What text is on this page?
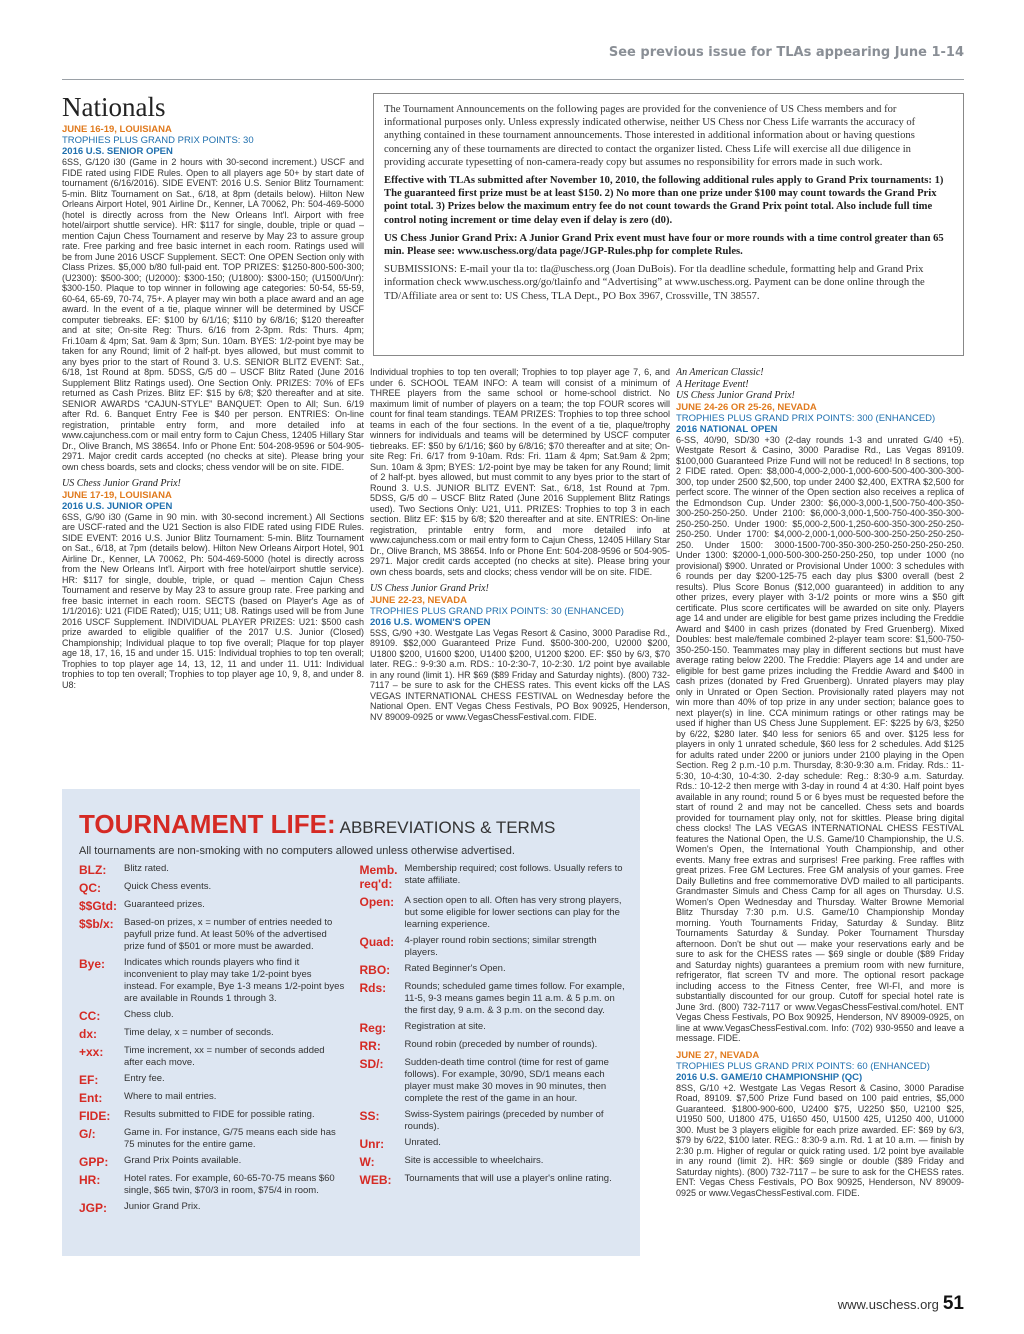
See previous issue for TLAs appearing June 1-14
Nationals
JUNE 16-19, LOUISIANA
TROPHIES PLUS GRAND PRIX POINTS: 30
2016 U.S. SENIOR OPEN

6SS, G/120 i30 (Game in 2 hours with 30-second increment.) USCF and FIDE rated using FIDE Rules. Open to all players age 50+ by start date of tournament (6/16/2016). SIDE EVENT: 2016 U.S. Senior Blitz Tournament: 5-min. Blitz Tournament on Sat., 6/18, at 8pm (details below). Hilton New Orleans Airport Hotel, 901 Airline Dr., Kenner, LA 70062, Ph: 504-469-5000 (hotel is directly across from the New Orleans Int'l. Airport with free hotel/airport shuttle service). HR: $117 for single, double, triple or quad – mention Cajun Chess Tournament and reserve by May 23 to assure group rate. Free parking and free basic internet in each room. Ratings used will be from June 2016 USCF Supplement. SECT: One OPEN Section only with Class Prizes. $5,000 b/80 full-paid ent. TOP PRIZES: $1250-800-500-300; (U2300): $500-300; (U2000): $300-150; (U1800): $300-150; (U1500/Unr): $300-150. Plaque to top winner in following age categories: 50-54, 55-59, 60-64, 65-69, 70-74, 75+. A player may win both a place award and an age award. In the event of a tie, plaque winner will be determined by USCF computer tiebreaks. EF: $100 by 6/1/16; $110 by 6/8/16; $120 thereafter and at site; On-site Reg: Thurs. 6/16 from 2-3pm. Rds: Thurs. 4pm; Fri.10am & 4pm; Sat. 9am & 3pm; Sun. 10am. BYES: 1/2-point bye may be taken for any Round; limit of 2 half-pt. byes allowed, but must commit to any byes prior to the start of Round 3. U.S. SENIOR BLITZ EVENT: Sat., 6/18, 1st Round at 8pm. 5DSS, G/5 d0 – USCF Blitz Rated (June 2016 Supplement Blitz Ratings used). One Section Only. PRIZES: 70% of EFs returned as Cash Prizes. Blitz EF: $15 by 6/8; $20 thereafter and at site. SENIOR AWARDS “CAJUN-STYLE” BANQUET: Open to All; Sun. 6/19 after Rd. 6. Banquet Entry Fee is $40 per person. ENTRIES: On-line registration, printable entry form, and more detailed info at www.cajunchess.com or mail entry form to Cajun Chess, 12405 Hillary Star Dr., Olive Branch, MS 38654. Info or Phone Ent: 504-208-9596 or 504-905-2971. Major credit cards accepted (no checks at site). Please bring your own chess boards, sets and clocks; chess vendor will be on site. FIDE.

US Chess Junior Grand Prix!
JUNE 17-19, LOUISIANA
2016 U.S. JUNIOR OPEN

6SS, G/90 i30 (Game in 90 min. with 30-second increment.) All Sections are USCF-rated and the U21 Section is also FIDE rated using FIDE Rules. SIDE EVENT: 2016 U.S. Junior Blitz Tournament: 5-min. Blitz Tournament on Sat., 6/18, at 7pm (details below). Hilton New Orleans Airport Hotel, 901 Airline Dr., Kenner, LA 70062, Ph: 504-469-5000 (hotel is directly across from the New Orleans Int'l. Airport with free hotel/airport shuttle service). HR: $117 for single, double, triple, or quad – mention Cajun Chess Tournament and reserve by May 23 to assure group rate. Free parking and free basic internet in each room. SECTS (based on Player's Age as of 1/1/2016): U21 (FIDE Rated); U15; U11; U8. Ratings used will be from June 2016 USCF Supplement. INDIVIDUAL PLAYER PRIZES: U21: $500 cash prize awarded to eligible qualifier of the 2017 U.S. Junior (Closed) Championship; Individual plaque to top five overall; Plaque for top player age 18, 17, 16, 15 and under 15. U15: Individual trophies to top ten overall; Trophies to top player age 14, 13, 12, 11 and under 11. U11: Individual trophies to top ten overall; Trophies to top player age 10, 9, 8, and under 8. U8:

The Tournament Announcements on the following pages are provided for the convenience of US Chess members and for informational purposes only. Unless expressly indicated otherwise, neither US Chess nor Chess Life warrants the accuracy of anything contained in these tournament announcements. Those interested in additional information about or having questions concerning any of these tournaments are directed to contact the organizer listed. Chess Life will exercise all due diligence in providing accurate typesetting of non-camera-ready copy but assumes no responsibility for errors made in such work.

Effective with TLAs submitted after November 10, 2010, the following additional rules apply to Grand Prix tournaments: 1) The guaranteed first prize must be at least $150. 2) No more than one prize under $100 may count towards the Grand Prix point total. 3) Prizes below the maximum entry fee do not count towards the Grand Prix point total. Also include full time control noting increment or time delay even if delay is zero (d0).

US Chess Junior Grand Prix: A Junior Grand Prix event must have four or more rounds with a time control greater than 65 min. Please see: www.uschess.org/data page/JGP-Rules.php for complete Rules.

SUBMISSIONS: E-mail your tla to: tla@uschess.org (Joan DuBois). For tla deadline schedule, formatting help and Grand Prix information check www.uschess.org/go/tlainfo and “Advertising” at www.uschess.org. Payment can be done online through the TD/Affiliate area or sent to: US Chess, TLA Dept., PO Box 3967, Crossville, TN 38557.

Individual trophies to top ten overall; Trophies to top player age 7, 6, and under 6. SCHOOL TEAM INFO: A team will consist of a minimum of THREE players from the same school or home-school district. No maximum limit of number of players on a team; the top FOUR scores will count for final team standings. TEAM PRIZES: Trophies to top three school teams in each of the four sections. In the event of a tie, plaque/trophy winners for individuals and teams will be determined by USCF computer tiebreaks. EF: $50 by 6/1/16; $60 by 6/8/16; $70 thereafter and at site; On-site Reg: Fri. 6/17 from 9-10am. Rds: Fri. 11am & 4pm; Sat.9am & 2pm; Sun. 10am & 3pm; BYES: 1/2-point bye may be taken for any Round; limit of 2 half-pt. byes allowed, but must commit to any byes prior to the start of Round 3. U.S. JUNIOR BLITZ EVENT: Sat., 6/18, 1st Round at 7pm. 5DSS, G/5 d0 – USCF Blitz Rated (June 2016 Supplement Blitz Ratings used). Two Sections Only: U21, U11. PRIZES: Trophies to top 3 in each section. Blitz EF: $15 by 6/8; $20 thereafter and at site. ENTRIES: On-line registration, printable entry form, and more detailed info at www.cajunchess.com or mail entry form to Cajun Chess, 12405 Hillary Star Dr., Olive Branch, MS 38654. Info or Phone Ent: 504-208-9596 or 504-905-2971. Major credit cards accepted (no checks at site). Please bring your own chess boards, sets and clocks; chess vendor will be on site. FIDE.

US Chess Junior Grand Prix!
JUNE 22-23, NEVADA
TROPHIES PLUS GRAND PRIX POINTS: 30 (ENHANCED)
2016 U.S. WOMEN'S OPEN

5SS, G/90 +30. Westgate Las Vegas Resort & Casino, 3000 Paradise Rd., 89109. $$2,000 Guaranteed Prize Fund. $500-300-200, U2000 $200, U1800 $200, U1600 $200, U1400 $200, U1200 $200. EF: $50 by 6/3, $70 later. REG.: 9-9:30 a.m. RDS.: 10-2:30-7, 10-2:30. 1/2 point bye available in any round (limit 1). HR $69 ($89 Friday and Saturday nights). (800) 732-7117 – be sure to ask for the CHESS rates. This event kicks off the LAS VEGAS INTERNATIONAL CHESS FESTIVAL on Wednesday before the National Open. ENT Vegas Chess Festivals, PO Box 90925, Henderson, NV 89009-0925 or www.VegasChessFestival.com. FIDE.

An American Classic!
A Heritage Event!
US Chess Junior Grand Prix!
JUNE 24-26 OR 25-26, NEVADA
TROPHIES PLUS GRAND PRIX POINTS: 300 (ENHANCED)
2016 NATIONAL OPEN

6-SS, 40/90, SD/30 +30 (2-day rounds 1-3 and unrated G/40 +5). Westgate Resort & Casino, 3000 Paradise Rd., Las Vegas 89109. $100,000 Guaranteed Prize Fund will not be reduced! In 8 sections, top 2 FIDE rated. Open: $8,000-4,000-2,000-1,000-600-500-400-300-300-300, top under 2500 $2,500, top under 2400 $2,400, EXTRA $2,500 for perfect score. The winner of the Open section also receives a replica of the Edmondson Cup. Under 2300: $6,000-3,000-1,500-750-400-350-300-250-250-250. Under 2100: $6,000-3,000-1,500-750-400-350-300-250-250-250. Under 1900: $5,000-2,500-1,250-600-350-300-250-250-250-250. Under 1700: $4,000-2,000-1,000-500-300-250-250-250-250-250. Under 1500: 3000-1500-700-350-300-250-250-250-250-250. Under 1300: $2000-1,000-500-300-250-250-250, top under 1000 (no provisional) $900. Unrated or Provisional Under 1000: 3 schedules with 6 rounds per day $200-125-75 each day plus $300 overall (best 2 results). Plus Score Bonus ($12,000 guaranteed) in addition to any other prizes, every player with 3-1/2 points or more wins a $50 gift certificate. Plus score certificates will be awarded on site only. Players age 14 and under are eligible for best game prizes including the Freddie Award and $400 in cash prizes (donated by Fred Gruenberg). Mixed Doubles: best male/female combined 2-player team score: $1,500-750-350-250-150. Teammates may play in different sections but must have average rating below 2200. The Freddie: Players age 14 and under are eligible for best game prizes including the Freddie Award and $400 in cash prizes (donated by Fred Gruenberg). Unrated players may play only in Unrated or Open Section. Provisionally rated players may not win more than 40% of top prize in any under section; balance goes to next player(s) in line. CCA minimum ratings or other ratings may be used if higher than US Chess June Supplement. EF: $225 by 6/3, $250 by 6/22, $280 later. $40 less for seniors 65 and over. $125 less for players in only 1 unrated schedule, $60 less for 2 schedules. Add $125 for adults rated under 2200 or juniors under 2100 playing in the Open Section. Reg 2 p.m.-10 p.m. Thursday, 8:30-9:30 a.m. Friday. Rds.: 11-5:30, 10-4:30, 10-4:30. 2-day schedule: Reg.: 8:30-9 a.m. Saturday. Rds.: 10-12-2 then merge with 3-day in round 4 at 4:30. Half point byes available in any round; round 5 or 6 byes must be requested before the start of round 2 and may not be cancelled. Chess sets and boards provided for tournament play only, not for skittles. Please bring digital chess clocks! The LAS VEGAS INTERNATIONAL CHESS FESTIVAL features the National Open, the U.S. Game/10 Championship, the U.S. Women's Open, the International Youth Championship, and other events. Many free extras and surprises! Free parking. Free raffles with great prizes. Free GM Lectures. Free GM analysis of your games. Free Daily Bulletins and free commemorative DVD mailed to all participants. Grandmaster Simuls and Chess Camp for all ages on Thursday. U.S. Women's Open Wednesday and Thursday. Walter Browne Memorial Blitz Thursday 7:30 p.m. U.S. Game/10 Championship Monday morning. Youth Tournaments Friday, Saturday & Sunday. Blitz Tournaments Saturday & Sunday. Poker Tournament Thursday afternoon. Don't be shut out — make your reservations early and be sure to ask for the CHESS rates — $69 single or double ($89 Friday and Saturday nights) guarantees a premium room with new furniture, refrigerator, flat screen TV and more. The optional resort package including access to the Fitness Center, free WI-FI, and more is substantially discounted for our group. Cutoff for special hotel rate is June 3rd. (800) 732-7117 or www.VegasChessFestival.com/hotel. ENT Vegas Chess Festivals, PO Box 90925, Henderson, NV 89009-0925, on line at www.VegasChessFestival.com. Info: (702) 930-9550 and leave a message. FIDE.

JUNE 27, NEVADA
TROPHIES PLUS GRAND PRIX POINTS: 60 (ENHANCED)
2016 U.S. GAME/10 CHAMPIONSHIP (QC)

8SS, G/10 +2. Westgate Las Vegas Resort & Casino, 3000 Paradise Road, 89109. $7,500 Prize Fund based on 100 paid entries, $5,000 Guaranteed. $1800-900-600, U2400 $75, U2250 $50, U2100 $25, U1950 500, U1800 475, U1650 450, U1500 425, U1250 400, U1000 300. Must be 3 players eligible for each prize awarded. EF: $69 by 6/3, $79 by 6/22, $100 later. REG.: 8:30-9 a.m. Rd. 1 at 10 a.m. — finish by 2:30 p.m. Higher of regular or quick rating used. 1/2 point bye available in any round (limit 2). HR: $69 single or double ($89 Friday and Saturday nights). (800) 732-7117 – be sure to ask for the CHESS rates. ENT: Vegas Chess Festivals, PO Box 90925, Henderson, NV 89009-0925 or www.VegasChessFestival.com. FIDE.

TOURNAMENT LIFE: ABBREVIATIONS & TERMS
All tournaments are non-smoking with no computers allowed unless otherwise advertised.
BLZ:	Blitz rated.
QC:	Quick Chess events.
$$Gtd: Guaranteed prizes.
$$b/x:	Based-on prizes, x = number of entries needed to payfull prize fund. At least 50% of the advertised prize fund of $501 or more must be awarded.
Bye:	Indicates which rounds players who find it inconvenient to play may take 1/2-point byes instead. For example, Bye 1-3 means 1/2-point byes are available in Rounds 1 through 3.
CC:	Chess club.
dx:	Time delay, x = number of seconds.
+xx:	Time increment, xx = number of seconds added after each move.
EF:	Entry fee.
Ent:	Where to mail entries.
FIDE:	Results submitted to FIDE for possible rating.
G/:	Game in. For instance, G/75 means each side has 75 minutes for the entire game.
GPP:	Grand Prix Points available.
HR:	Hotel rates. For example, 60-65-70-75 means $60 single, $65 twin, $70/3 in room, $75/4 in room.
JGP:	Junior Grand Prix.
Memb. req'd:
Membership required; cost follows. Usually refers to state affiliate.
Open:	A section open to all. Often has very strong players, but some eligible for lower sections can play for the learning experience.
Quad:	4-player round robin sections; similar strength players.
RBO:	Rated Beginner's Open.
Rds:	Rounds; scheduled game times follow. For example, 11-5, 9-3 means games begin 11 a.m. & 5 p.m. on the first day, 9 a.m. & 3 p.m. on the second day.
Reg:	Registration at site.
RR:	Round robin (preceded by number of rounds).
SD/:	Sudden-death time control (time for rest of game follows). For example, 30/90, SD/1 means each player must make 30 moves in 90 minutes, then complete the rest of the game in an hour.
SS:	Swiss-System pairings (preceded by number of rounds).
Unr:	Unrated.
W:	Site is accessible to wheelchairs.
WEB:	Tournaments that will use a player's online rating.
www.uschess.org 51
